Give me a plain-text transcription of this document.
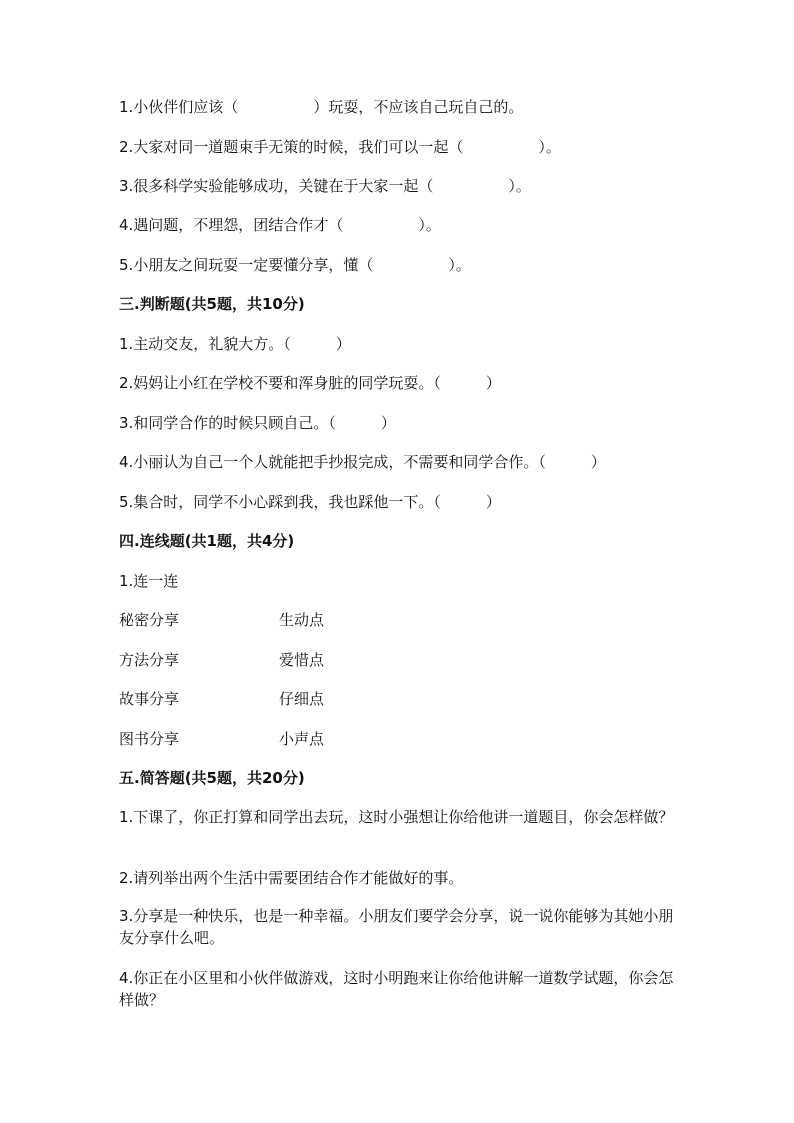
1.小伙伴们应该（　　　　　）玩耍，不应该自己玩自己的。
2.大家对同一道题束手无策的时候，我们可以一起（　　　　　）。
3.很多科学实验能够成功，关键在于大家一起（　　　　　）。
4.遇问题，不埋怨，团结合作才（　　　　　）。
5.小朋友之间玩耍一定要懂分享，懂（　　　　　）。
三.判断题(共5题，共10分)
1.主动交友，礼貌大方。（　　　）
2.妈妈让小红在学校不要和浑身脏的同学玩耍。（　　　）
3.和同学合作的时候只顾自己。（　　　）
4.小丽认为自己一个人就能把手抄报完成，不需要和同学合作。（　　　）
5.集合时，同学不小心踩到我，我也踩他一下。（　　　）
四.连线题(共1题，共4分)
1.连一连
秘密分享	生动点
方法分享	爱惜点
故事分享	仔细点
图书分享	小声点
五.简答题(共5题，共20分)
1.下课了，你正打算和同学出去玩，这时小强想让你给他讲一道题目，你会怎样做？
2.请列举出两个生活中需要团结合作才能做好的事。
3.分享是一种快乐，也是一种幸福。小朋友们要学会分享，说一说你能够为其她小朋友分享什么吧。
4.你正在小区里和小伙伴做游戏，这时小明跑来让你给他讲解一道数学试题，你会怎样做？
